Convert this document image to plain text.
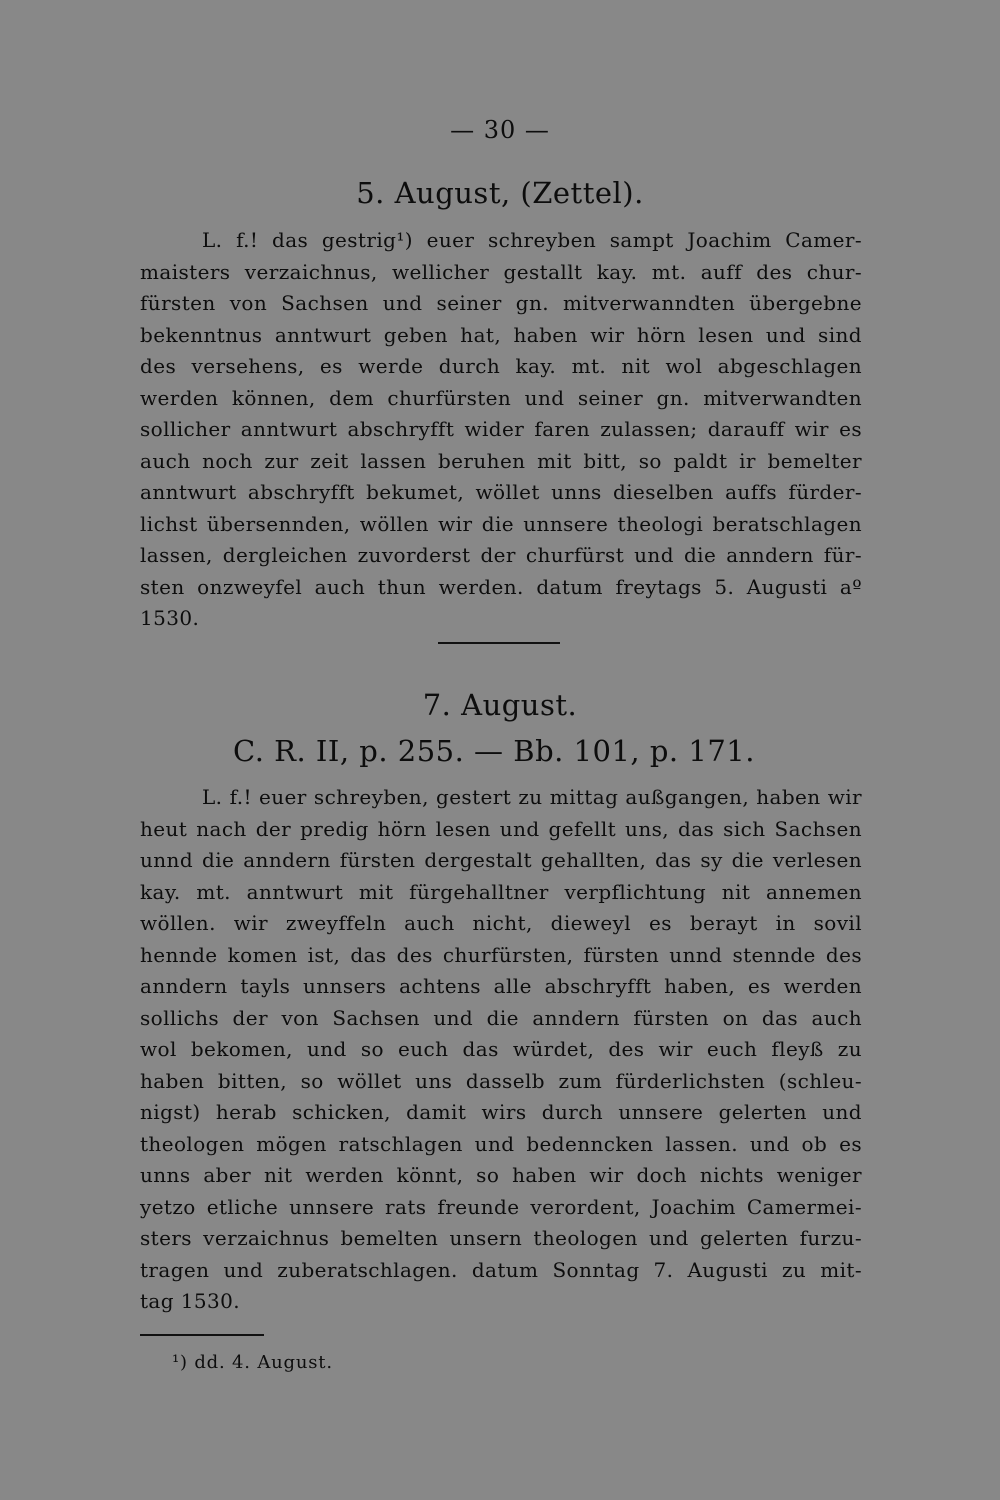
— 30 —
5. August, (Zettel).
L. f.! das gestrig¹) euer schreyben sampt Joachim Camer-
maisters verzaichnus, wellicher gestallt kay. mt. auff des chur-
fürsten von Sachsen und seiner gn. mitverwanndten übergebne
bekenntnus anntwurt geben hat, haben wir hörn lesen und sind
des versehens, es werde durch kay. mt. nit wol abgeschlagen
werden können, dem churfürsten und seiner gn. mitverwandten
sollicher anntwurt abschryfft wider faren zulassen; darauff wir es
auch noch zur zeit lassen beruhen mit bitt, so paldt ir bemelter
anntwurt abschryfft bekumet, wöllet unns dieselben auffs fürder-
lichst übersennden, wöllen wir die unnsere theologi beratschlagen
lassen, dergleichen zuvorderst der churfürst und die anndern für-
sten onzweyfel auch thun werden. datum freytags 5. Augusti aº
1530.
7. August.
C. R. II, p. 255. — Bb. 101, p. 171.
L. f.! euer schreyben, gestert zu mittag außgangen, haben wir
heut nach der predig hörn lesen und gefellt uns, das sich Sachsen
unnd die anndern fürsten dergestalt gehallten, das sy die verlesen
kay. mt. anntwurt mit fürgehalltner verpflichtung nit annemen
wöllen. wir zweyffeln auch nicht, dieweyl es berayt in sovil
hennde komen ist, das des churfürsten, fürsten unnd stennde des
anndern tayls unnsers achtens alle abschryfft haben, es werden
sollichs der von Sachsen und die anndern fürsten on das auch
wol bekomen, und so euch das würdet, des wir euch fleyß zu
haben bitten, so wöllet uns dasselb zum fürderlichsten (schleu-
nigst) herab schicken, damit wirs durch unnsere gelerten und
theologen mögen ratschlagen und bedenncken lassen. und ob es
unns aber nit werden könnt, so haben wir doch nichts weniger
yetzo etliche unnsere rats freunde verordent, Joachim Camermei-
sters verzaichnus bemelten unsern theologen und gelerten furzu-
tragen und zuberatschlagen. datum Sonntag 7. Augusti zu mit-
tag 1530.
¹) dd. 4. August.
